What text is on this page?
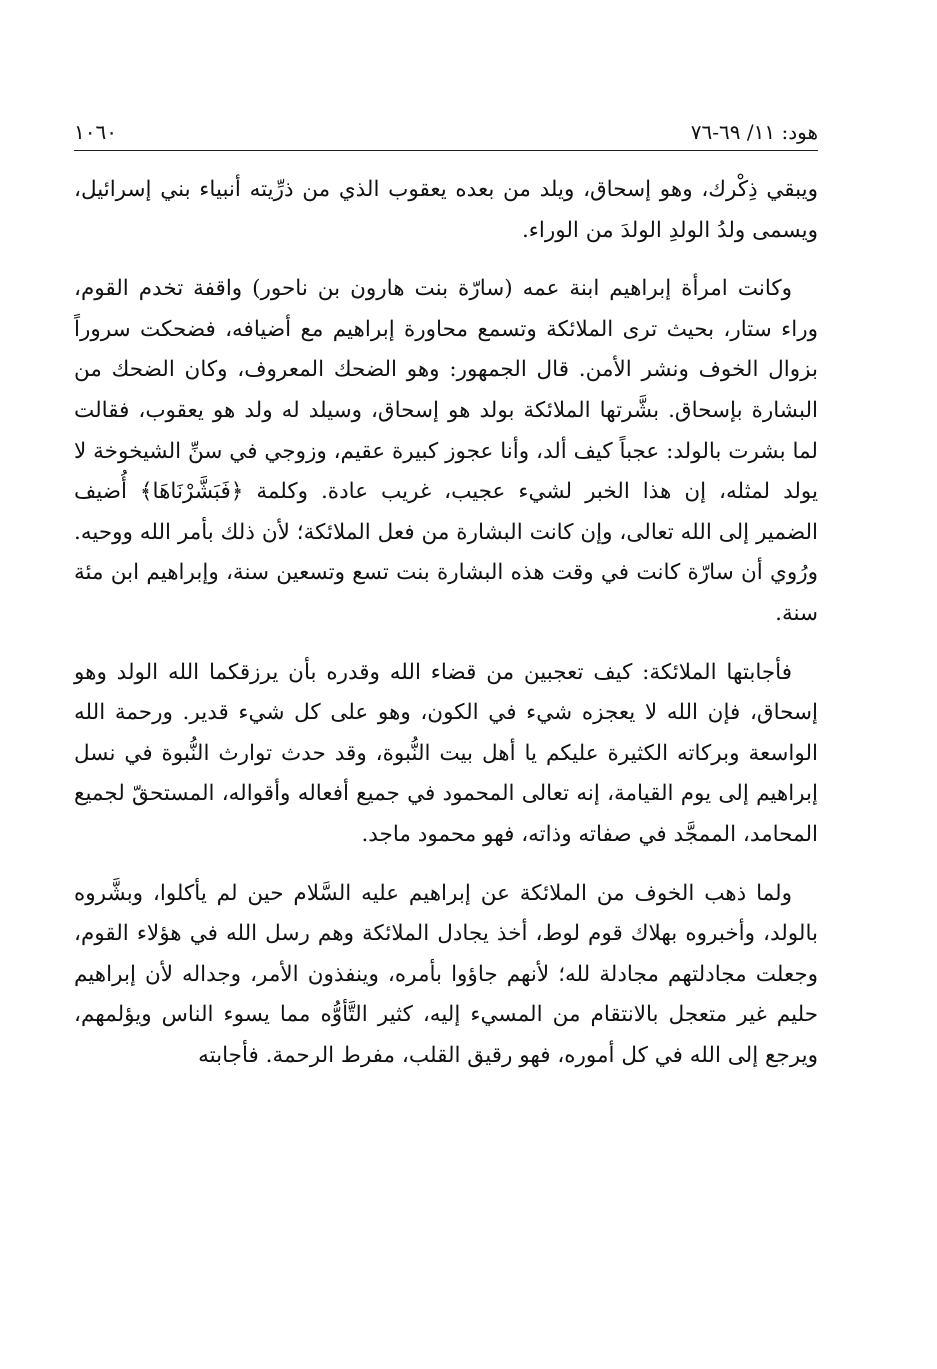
١٠٦٠	هود: ١١/ ٦٩-٧٦

ويبقي ذِكْرك، وهو إسحاق، ويلد من بعده يعقوب الذي من ذرِّيته أنبياء بني إسرائيل، ويسمى ولدُ الولدِ الولدَ من الوراء.

وكانت امرأة إبراهيم ابنة عمه (سارّة بنت هارون بن ناحور) واقفة تخدم القوم، وراء ستار، بحيث ترى الملائكة وتسمع محاورة إبراهيم مع أضيافه، فضحكت سروراً بزوال الخوف ونشر الأمن. قال الجمهور: وهو الضحك المعروف، وكان الضحك من البشارة بإسحاق. بشَّرتها الملائكة بولد هو إسحاق، وسيلد له ولد هو يعقوب، فقالت لما بشرت بالولد: عجباً كيف ألد، وأنا عجوز كبيرة عقيم، وزوجي في سنِّ الشيخوخة لا يولد لمثله، إن هذا الخبر لشيء عجيب، غريب عادة. وكلمة ﴿فَبَشَّرْنَاهَا﴾ أُضيف الضمير إلى الله تعالى، وإن كانت البشارة من فعل الملائكة؛ لأن ذلك بأمر الله ووحيه. ورُوي أن سارّة كانت في وقت هذه البشارة بنت تسع وتسعين سنة، وإبراهيم ابن مئة سنة.

فأجابتها الملائكة: كيف تعجبين من قضاء الله وقدره بأن يرزقكما الله الولد وهو إسحاق، فإن الله لا يعجزه شيء في الكون، وهو على كل شيء قدير. ورحمة الله الواسعة وبركاته الكثيرة عليكم يا أهل بيت النُّبوة، وقد حدث توارث النُّبوة في نسل إبراهيم إلى يوم القيامة، إنه تعالى المحمود في جميع أفعاله وأقواله، المستحقّ لجميع المحامد، الممجَّد في صفاته وذاته، فهو محمود ماجد.

ولما ذهب الخوف من الملائكة عن إبراهيم عليه السَّلام حين لم يأكلوا، وبشَّروه بالولد، وأخبروه بهلاك قوم لوط، أخذ يجادل الملائكة وهم رسل الله في هؤلاء القوم، وجعلت مجادلتهم مجادلة لله؛ لأنهم جاؤوا بأمره، وينفذون الأمر، وجداله لأن إبراهيم حليم غير متعجل بالانتقام من المسيء إليه، كثير التَّأوُّه مما يسوء الناس ويؤلمهم، ويرجع إلى الله في كل أموره، فهو رقيق القلب، مفرط الرحمة. فأجابته
